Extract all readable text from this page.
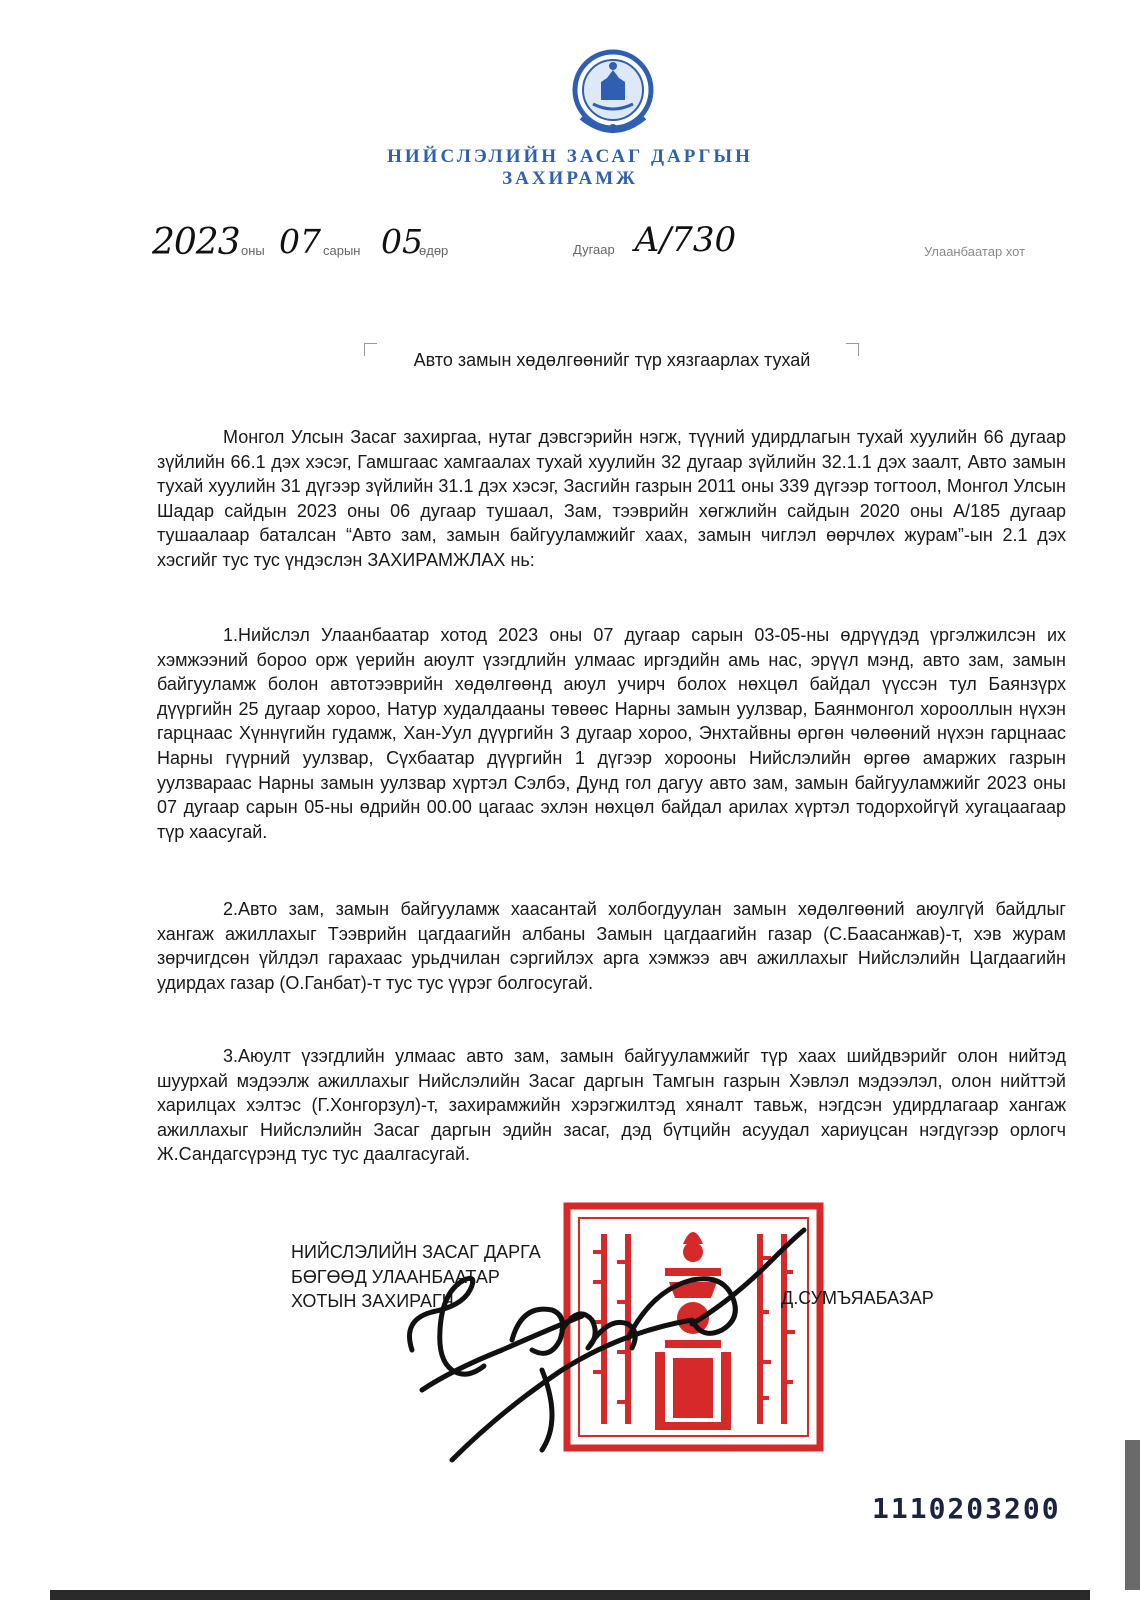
НИЙСЛЭЛИЙН ЗАСАГ ДАРГЫН
ЗАХИРАМЖ
2023 оны 07 сарын 05
өдөр	Дугаар А/730	Улаанбаатар хот
Авто замын хөдөлгөөнийг түр хязгаарлах тухай
Монгол Улсын Засаг захиргаа, нутаг дэвсгэрийн нэгж, түүний удирдлагын тухай хуулийн 66 дугаар зүйлийн 66.1 дэх хэсэг, Гамшгаас хамгаалах тухай хуулийн 32 дугаар зүйлийн 32.1.1 дэх заалт, Авто замын тухай хуулийн 31 дүгээр зүйлийн 31.1 дэх хэсэг, Засгийн газрын 2011 оны 339 дүгээр тогтоол, Монгол Улсын Шадар сайдын 2023 оны 06 дугаар тушаал, Зам, тээврийн хөгжлийн сайдын 2020 оны А/185 дугаар тушаалаар баталсан “Авто зам, замын байгууламжийг хаах, замын чиглэл өөрчлөх журам”-ын 2.1 дэх хэсгийг тус тус үндэслэн ЗАХИРАМЖЛАХ нь:
1.Нийслэл Улаанбаатар хотод 2023 оны 07 дугаар сарын 03-05-ны өдрүүдэд үргэлжилсэн их хэмжээний бороо орж үерийн аюулт үзэгдлийн улмаас иргэдийн амь нас, эрүүл мэнд, авто зам, замын байгууламж болон автотээврийн хөдөлгөөнд аюул учирч болох нөхцөл байдал үүссэн тул Баянзүрх дүүргийн 25 дугаар хороо, Натур худалдааны төвөөс Нарны замын уулзвар, Баянмонгол хорооллын нүхэн гарцнаас Хүннүгийн гудамж, Хан-Уул дүүргийн 3 дугаар хороо, Энхтайвны өргөн чөлөөний нүхэн гарцнаас Нарны гүүрний уулзвар, Сүхбаатар дүүргийн 1 дүгээр хорооны Нийслэлийн өргөө амаржих газрын уулзвараас Нарны замын уулзвар хүртэл Сэлбэ, Дунд гол дагуу авто зам, замын байгууламжийг 2023 оны 07 дугаар сарын 05-ны өдрийн 00.00 цагаас эхлэн нөхцөл байдал арилах хүртэл тодорхойгүй хугацаагаар түр хаасугай.
2.Авто зам, замын байгууламж хаасантай холбогдуулан замын хөдөлгөөний аюулгүй байдлыг хангаж ажиллахыг Тээврийн цагдаагийн албаны Замын цагдаагийн газар (С.Баасанжав)-т, хэв журам зөрчигдсөн үйлдэл гарахаас урьдчилан сэргийлэх арга хэмжээ авч ажиллахыг Нийслэлийн Цагдаагийн удирдах газар (О.Ганбат)-т тус тус үүрэг болгосугай.
3.Аюулт үзэгдлийн улмаас авто зам, замын байгууламжийг түр хаах шийдвэрийг олон нийтэд шуурхай мэдээлж ажиллахыг Нийслэлийн Засаг даргын Тамгын газрын Хэвлэл мэдээлэл, олон нийттэй харилцах хэлтэс (Г.Хонгорзул)-т, захирамжийн хэрэгжилтэд хяналт тавьж, нэгдсэн удирдлагаар хангаж ажиллахыг Нийслэлийн Засаг даргын эдийн засаг, дэд бүтцийн асуудал хариуцсан нэгдүгээр орлогч Ж.Сандагсүрэнд тус тус даалгасугай.
НИЙСЛЭЛИЙН ЗАСАГ ДАРГА
БӨГӨӨД УЛААНБААТАР
ХОТЫН ЗАХИРАГЧ	Д.СУМЪЯАБАЗАР
1110203200
